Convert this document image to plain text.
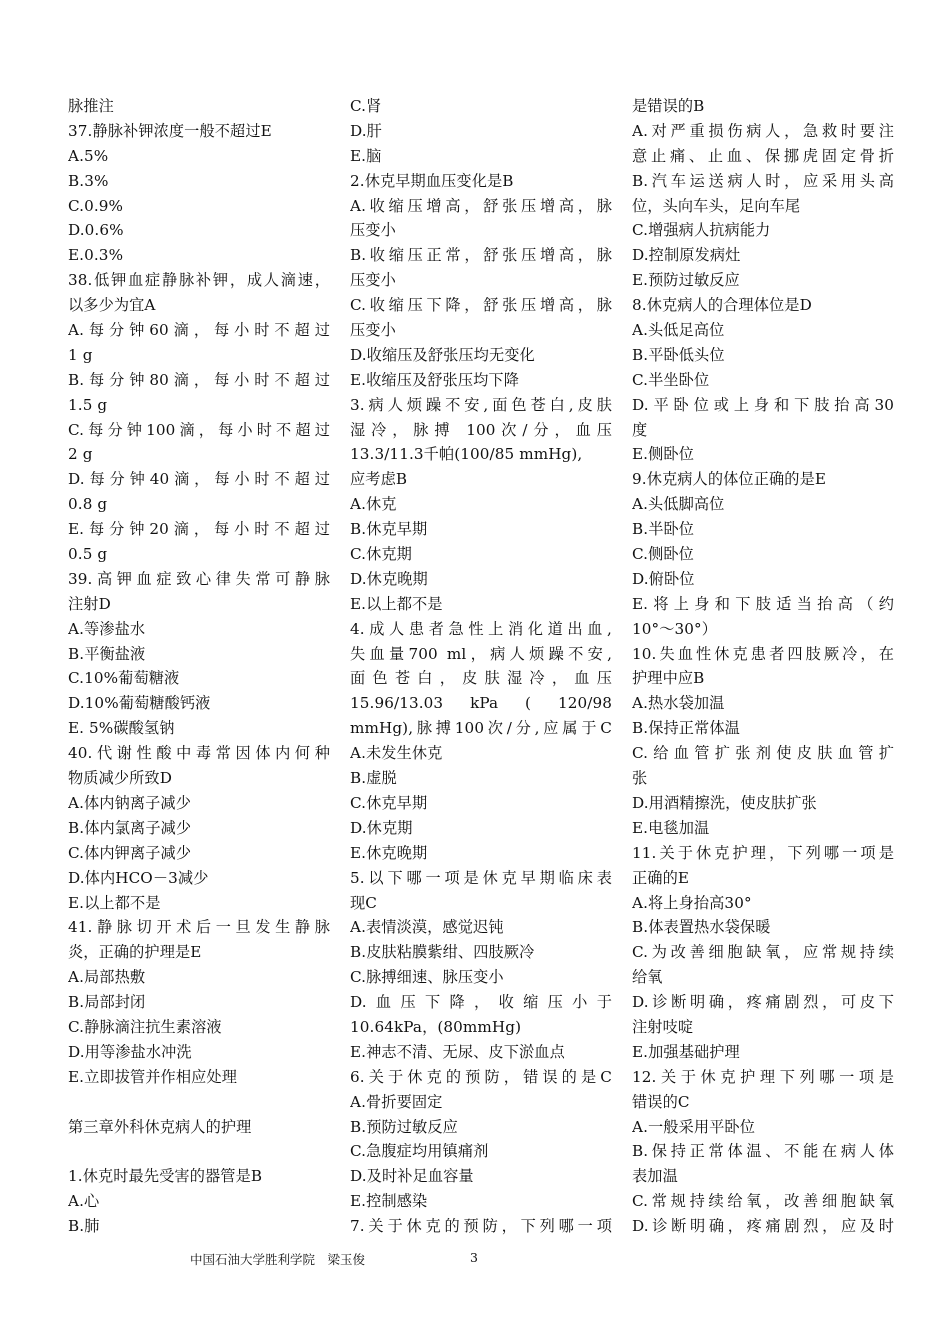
脉推注
37.静脉补钾浓度一般不超过E
A.5%
B.3%
C.0.9%
D.0.6%
E.0.3%
38.低钾血症静脉补钾，成人滴速，
以多少为宜A
A.每分钟60滴，每小时不超过
1 g
B.每分钟80滴，每小时不超过
1.5 g
C.每分钟100滴，每小时不超过
2 g
D.每分钟40滴，每小时不超过
0.8 g
E.每分钟20滴，每小时不超过
0.5 g
39.高钾血症致心律失常可静脉
注射D
A.等渗盐水
B.平衡盐液
C.10%葡萄糖液
D.10%葡萄糖酸钙液
E. 5%碳酸氢钠
40.代谢性酸中毒常因体内何种
物质减少所致D
A.体内钠离子减少
B.体内氯离子减少
C.体内钾离子减少
D.体内HCO－3减少
E.以上都不是
41.静脉切开术后一旦发生静脉
炎，正确的护理是E
A.局部热敷
B.局部封闭
C.静脉滴注抗生素溶液
D.用等渗盐水冲洗
E.立即拔管并作相应处理
第三章外科休克病人的护理
1.休克时最先受害的器管是B
A.心
B.肺
C.肾
D.肝
E.脑
2.休克早期血压变化是B
A.收缩压增高，舒张压增高，脉
压变小
B.收缩压正常，舒张压增高，脉
压变小
C.收缩压下降，舒张压增高，脉
压变小
D.收缩压及舒张压均无变化
E.收缩压及舒张压均下降
3.病人烦躁不安,面色苍白,皮肤
湿冷，脉搏 100次/分，血压
13.3/11.3千帕(100/85 mmHg),
应考虑B
A.休克
B.休克早期
C.休克期
D.休克晚期
E.以上都不是
4.成人患者急性上消化道出血,
失血量700 ml，病人烦躁不安,
面色苍白，皮肤湿冷，血压
15.96/13.03 kPa ( 120/98
mmHg),脉搏100次/分,应属于C
A.未发生休克
B.虚脱
C.休克早期
D.休克期
E.休克晚期
5.以下哪一项是休克早期临床表
现C
A.表情淡漠，感觉迟钝
B.皮肤粘膜紫绀、四肢厥冷
C.脉搏细速、脉压变小
D.血压下降，收缩压小于
10.64kPa，(80mmHg)
E.神志不清、无尿、皮下淤血点
6.关于休克的预防，错误的是C
A.骨折要固定
B.预防过敏反应
C.急腹症均用镇痛剂
D.及时补足血容量
E.控制感染
7.关于休克的预防，下列哪一项
是错误的B
A.对严重损伤病人，急救时要注
意止痛、止血、保挪虎固定骨折
B.汽车运送病人时，应采用头高
位，头向车头，足向车尾
C.增强病人抗病能力
D.控制原发病灶
E.预防过敏反应
8.休克病人的合理体位是D
A.头低足高位
B.平卧低头位
C.半坐卧位
D.平卧位或上身和下肢抬高30
度
E.侧卧位
9.休克病人的体位正确的是E
A.头低脚高位
B.半卧位
C.侧卧位
D.俯卧位
E.将上身和下肢适当抬高（约
10°～30°）
10.失血性休克患者四肢厥冷，在
护理中应B
A.热水袋加温
B.保持正常体温
C.给血管扩张剂使皮肤血管扩
张
D.用酒精擦洗，使皮肤扩张
E.电毯加温
11.关于休克护理，下列哪一项是
正确的E
A.将上身抬高30°
B.体表置热水袋保暖
C.为改善细胞缺氧，应常规持续
给氧
D.诊断明确，疼痛剧烈，可皮下
注射吱啶
E.加强基础护理
12.关于休克护理下列哪一项是
错误的C
A.一般采用平卧位
B.保持正常体温、不能在病人体
表加温
C.常规持续给氧，改善细胞缺氧
D.诊断明确，疼痛剧烈，应及时
中国石油大学胜利学院　梁玉俊	3
